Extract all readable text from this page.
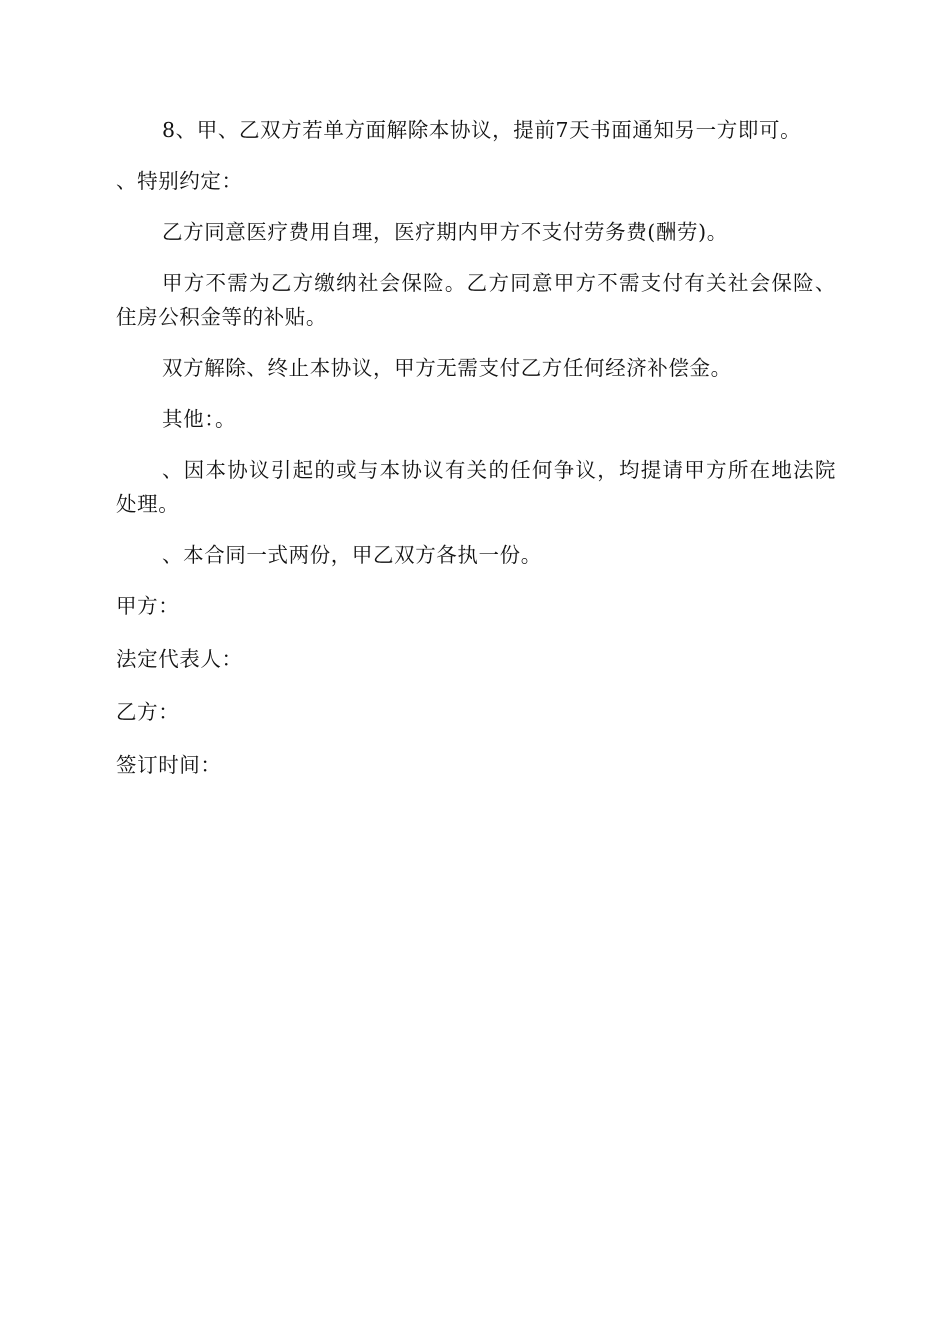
8、甲、乙双方若单方面解除本协议，提前7天书面通知另一方即可。

、特别约定：

乙方同意医疗费用自理，医疗期内甲方不支付劳务费(酬劳)。

甲方不需为乙方缴纳社会保险。乙方同意甲方不需支付有关社会保险、住房公积金等的补贴。

双方解除、终止本协议，甲方无需支付乙方任何经济补偿金。

其他：。

、因本协议引起的或与本协议有关的任何争议，均提请甲方所在地法院处理。

、本合同一式两份，甲乙双方各执一份。

甲方：

法定代表人：

乙方：

签订时间：
